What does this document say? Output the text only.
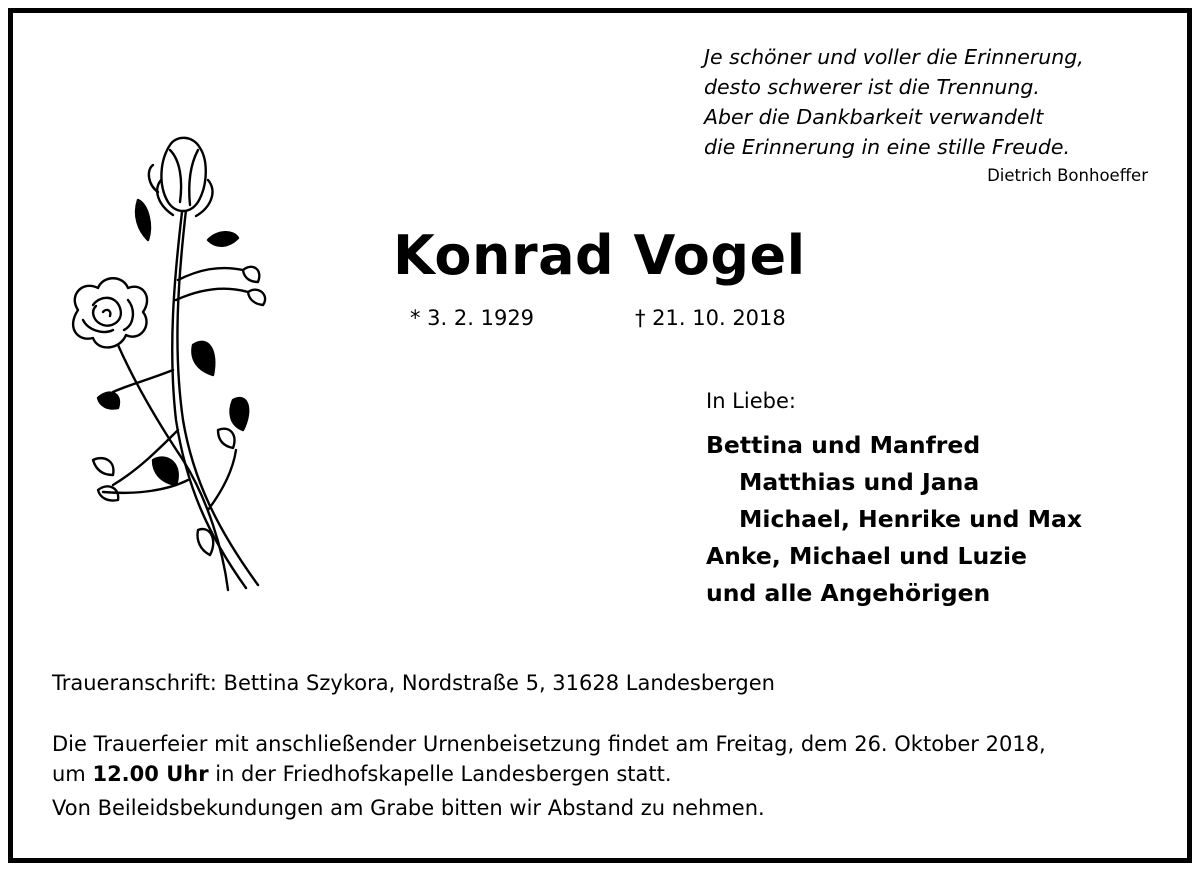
Je schöner und voller die Erinnerung,
desto schwerer ist die Trennung.
Aber die Dankbarkeit verwandelt
die Erinnerung in eine stille Freude.
Dietrich Bonhoeffer
Konrad Vogel
* 3. 2. 1929	† 21. 10. 2018
In Liebe:
Bettina und Manfred
Matthias und Jana
Michael, Henrike und Max
Anke, Michael und Luzie
und alle Angehörigen
Traueranschrift: Bettina Szykora, Nordstraße 5, 31628 Landesbergen
Die Trauerfeier mit anschließender Urnenbeisetzung findet am Freitag, dem 26. Oktober 2018,
um 12.00 Uhr in der Friedhofskapelle Landesbergen statt.
Von Beileidsbekundungen am Grabe bitten wir Abstand zu nehmen.
